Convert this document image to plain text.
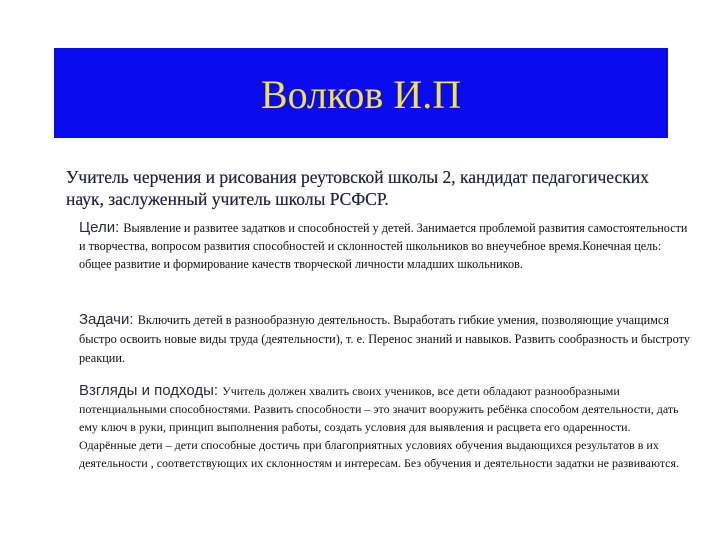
Волков И.П
Учитель черчения и рисования реутовской школы 2, кандидат педагогических наук, заслуженный учитель школы РСФСР.
Цели: Выявление и развитее задатков и способностей у детей. Занимается проблемой развития самостоятельности и творчества, вопросом развития способностей и склонностей школьников во внеучебное время.Конечная цель: общее развитие и формирование качеств творческой личности младших школьников.
Задачи: Включить детей в разнообразную деятельность. Выработать гибкие умения, позволяющие учащимся быстро освоить новые виды труда (деятельности), т. е. Перенос знаний и навыков. Развить сообразность и быстроту реакции.
Взгляды и подходы: Учитель должен хвалить своих учеников, все дети обладают разнообразными потенциальными способностями. Развить способности – это значит вооружить ребёнка способом деятельности, дать ему ключ в руки, принцип выполнения работы, создать условия для выявления и расцвета его одаренности. Одарённые дети – дети способные достичь при благоприятных условиях обучения выдающихся результатов в их деятельности , соответствующих их склонностям и интересам. Без обучения и деятельности задатки не развиваются.
